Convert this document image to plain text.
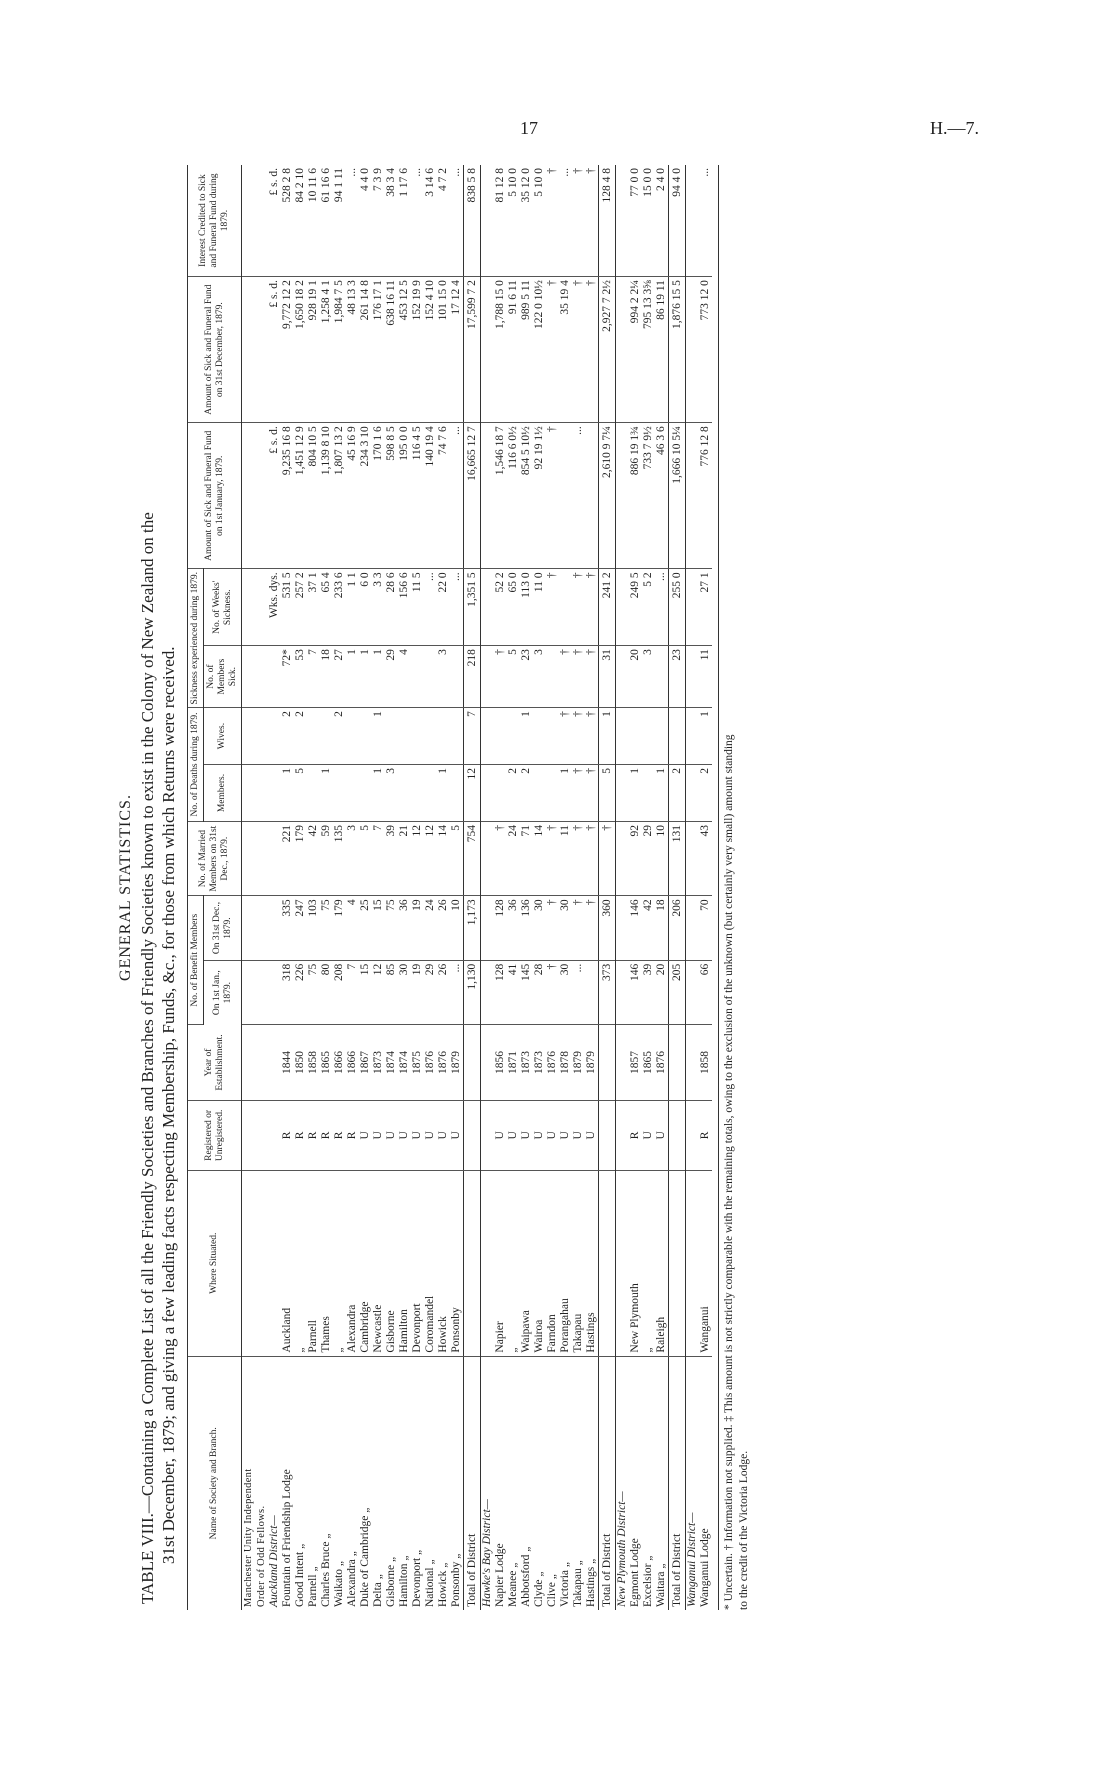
17	H.—7.
GENERAL STATISTICS. TABLE VIII.—Containing a Complete List of all the Friendly Societies and Branches of Friendly Societies known to exist in the Colony of New Zealand on the 31st December, 1879; and giving a few leading facts respecting Membership, Funds, &c., for those from which Returns were received.	Name of Society and Branch.	Where Situated.	Registered or Unregistered.	Year of Establishment.	No. of Benefit Members		No. of Married Members on 31st Dec., 1879.	No. of Deaths during 1879.		Sickness experienced during 1879.		Amount of Sick and Funeral Fund on 1st January, 1879.	Amount of Sick and Funeral Fund on 31st December, 1879.	Interest Credited to Sick and Funeral Fund during 1879.
				On 1st Jan., 1879.	On 31st Dec., 1879.		Members.	Wives.	No. of Members Sick.	No. of Weeks' Sickness.			
Manchester Unity Independent													
Order of Odd Fellows.													
Auckland District—										Wks. dys.	£ s. d.	£ s. d.	£ s. d.
Fountain of Friendship Lodge	Auckland	R	1844	318	335	221	1	2	72*	531 5	9,235 16 8	9,772 12 2	528 2 8
Good Intent „	„	R	1850	226	247	179	5	2	53	257 2	1,451 12 9	1,650 18 2	84 2 10
Parnell „	Parnell	R	1858	75	103	42			7	37 1	804 10 5	928 19 1	10 11 6
Charles Bruce „	Thames	R	1865	80	75	59	1		18	65 4	1,139 8 10	1,258 4 1	61 16 6
Waikato „	„	R	1866	208	179	135		2	27	233 6	1,807 13 2	1,984 7 5	94 1 11
Alexandra „	Alexandra	R	1866	7	4	3			1	1 1	45 16 9	48 13 3	...
Duke of Cambridge „	Cambridge	U	1867	15	25	5			1	6 0	234 3 10	261 14 8	4 4 0
Delta „	Newcastle	U	1873	12	15	7	1	1	1	3 3	170 1 6	176 17 1	7 3 9
Gisborne „	Gisborne	U	1874	85	75	39	3		29	28 6	598 8 5	638 16 11	38 3 4
Hamilton „	Hamilton	U	1874	30	36	21			4	156 6	195 0 0	453 12 5	1 17 6
Devonport „	Devonport	U	1875	19	19	12				11 5	116 4 5	152 19 9	...
National „	Coromandel	U	1876	29	24	12				...	140 19 4	152 4 10	3 14 6
Howick „	Howick	U	1876	26	26	14	1		3	22 0	74 7 6	101 15 0	4 7 2
Ponsonby „	Ponsonby	U	1879	...	10	5				...	...	17 12 4	...
Total of District				1,130	1,173	754	12	7	218	1,351 5	16,665 12 7	17,599 7 2	838 5 8
Hawke's Bay District—													
Napier Lodge	Napier	U	1856	128	128	†			†	52 2	1,546 18 7	1,788 15 0	81 12 8
Meanee „	„	U	1871	41	36	24	2		5	65 0	116 6 0½	91 6 11	5 10 0
Abbotsford „	Waipawa	U	1873	145	136	71	2	1	23	113 0	854 5 10½	989 5 11	35 12 0
Clyde „	Wairoa	U	1873	28	30	14			3	11 0	92 19 1½	122 0 10½	5 10 0
Clive „	Farndon	U	1876	†	†	†				†	†	†	†
Victoria „	Porangahau	U	1878	30	30	11	1	†	†			35 19 4	...
Takapau „	Takapau	U	1879	...	†	†	†	†	†	†	...	†	†
Hastings „	Hastings	U	1879		†	†	†	†	†	†		†	†
Total of District				373	360	†	5	1	31	241 2	2,610 9 7¼	2,927 7 2½	128 4 8
New Plymouth District—													
Egmont Lodge	New Plymouth	R	1857	146	146	92	1		20	249 5	886 19 1¾	994 2 2¼	77 0 0
Excelsior „	„	U	1865	39	42	29			3	5 2	733 7 9½	795 13 3⅝	15 0 0
Waitara „	Raleigh	U	1876	20	18	10	1			...	46 3 6	86 19 11	2 4 0
Total of District				205	206	131	2		23	255 0	1,666 10 5¼	1,876 15 5	94 4 0
Wanganui District—													
Wanganui Lodge	Wanganui	R	1858	66	70	43	2	1	11	27 1	776 12 8	773 12 0	...
* Uncertain. † Information not supplied. ‡ This amount is not strictly comparable with the remaining totals, owing to the exclusion of the unknown (but certainly very small) amount standing to the credit of the Victoria Lodge.
